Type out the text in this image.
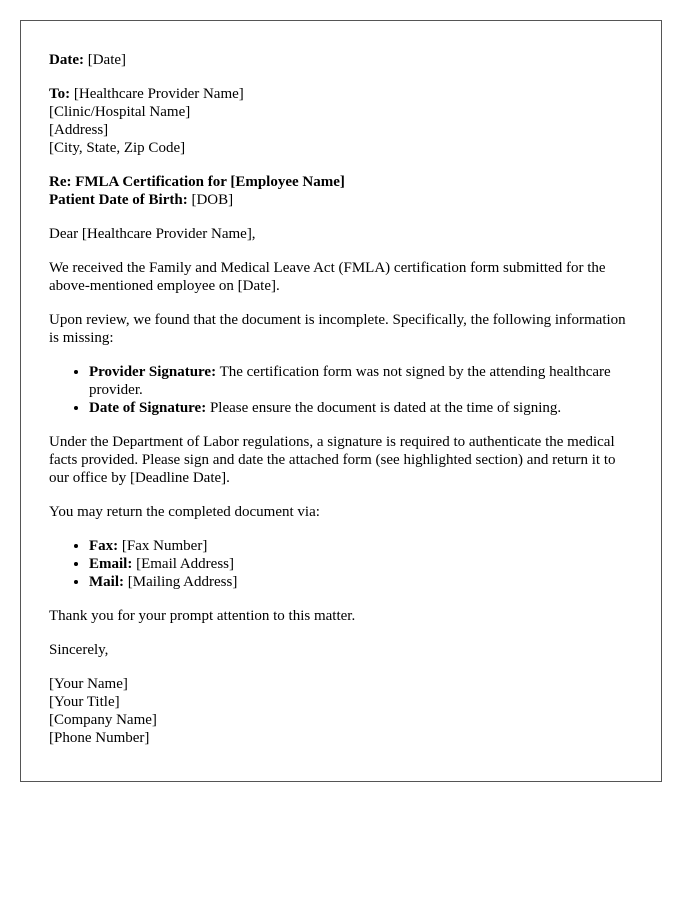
Date: [Date]
To: [Healthcare Provider Name]
[Clinic/Hospital Name]
[Address]
[City, State, Zip Code]
Re: FMLA Certification for [Employee Name]
Patient Date of Birth: [DOB]

Dear [Healthcare Provider Name],

We received the Family and Medical Leave Act (FMLA) certification form submitted for the above-mentioned employee on [Date].

Upon review, we found that the document is incomplete. Specifically, the following information is missing:

• Provider Signature: The certification form was not signed by the attending healthcare provider.
• Date of Signature: Please ensure the document is dated at the time of signing.

Under the Department of Labor regulations, a signature is required to authenticate the medical facts provided. Please sign and date the attached form (see highlighted section) and return it to our office by [Deadline Date].

You may return the completed document via:

• Fax: [Fax Number]
• Email: [Email Address]
• Mail: [Mailing Address]

Thank you for your prompt attention to this matter.

Sincerely,

[Your Name]
[Your Title]
[Company Name]
[Phone Number]
